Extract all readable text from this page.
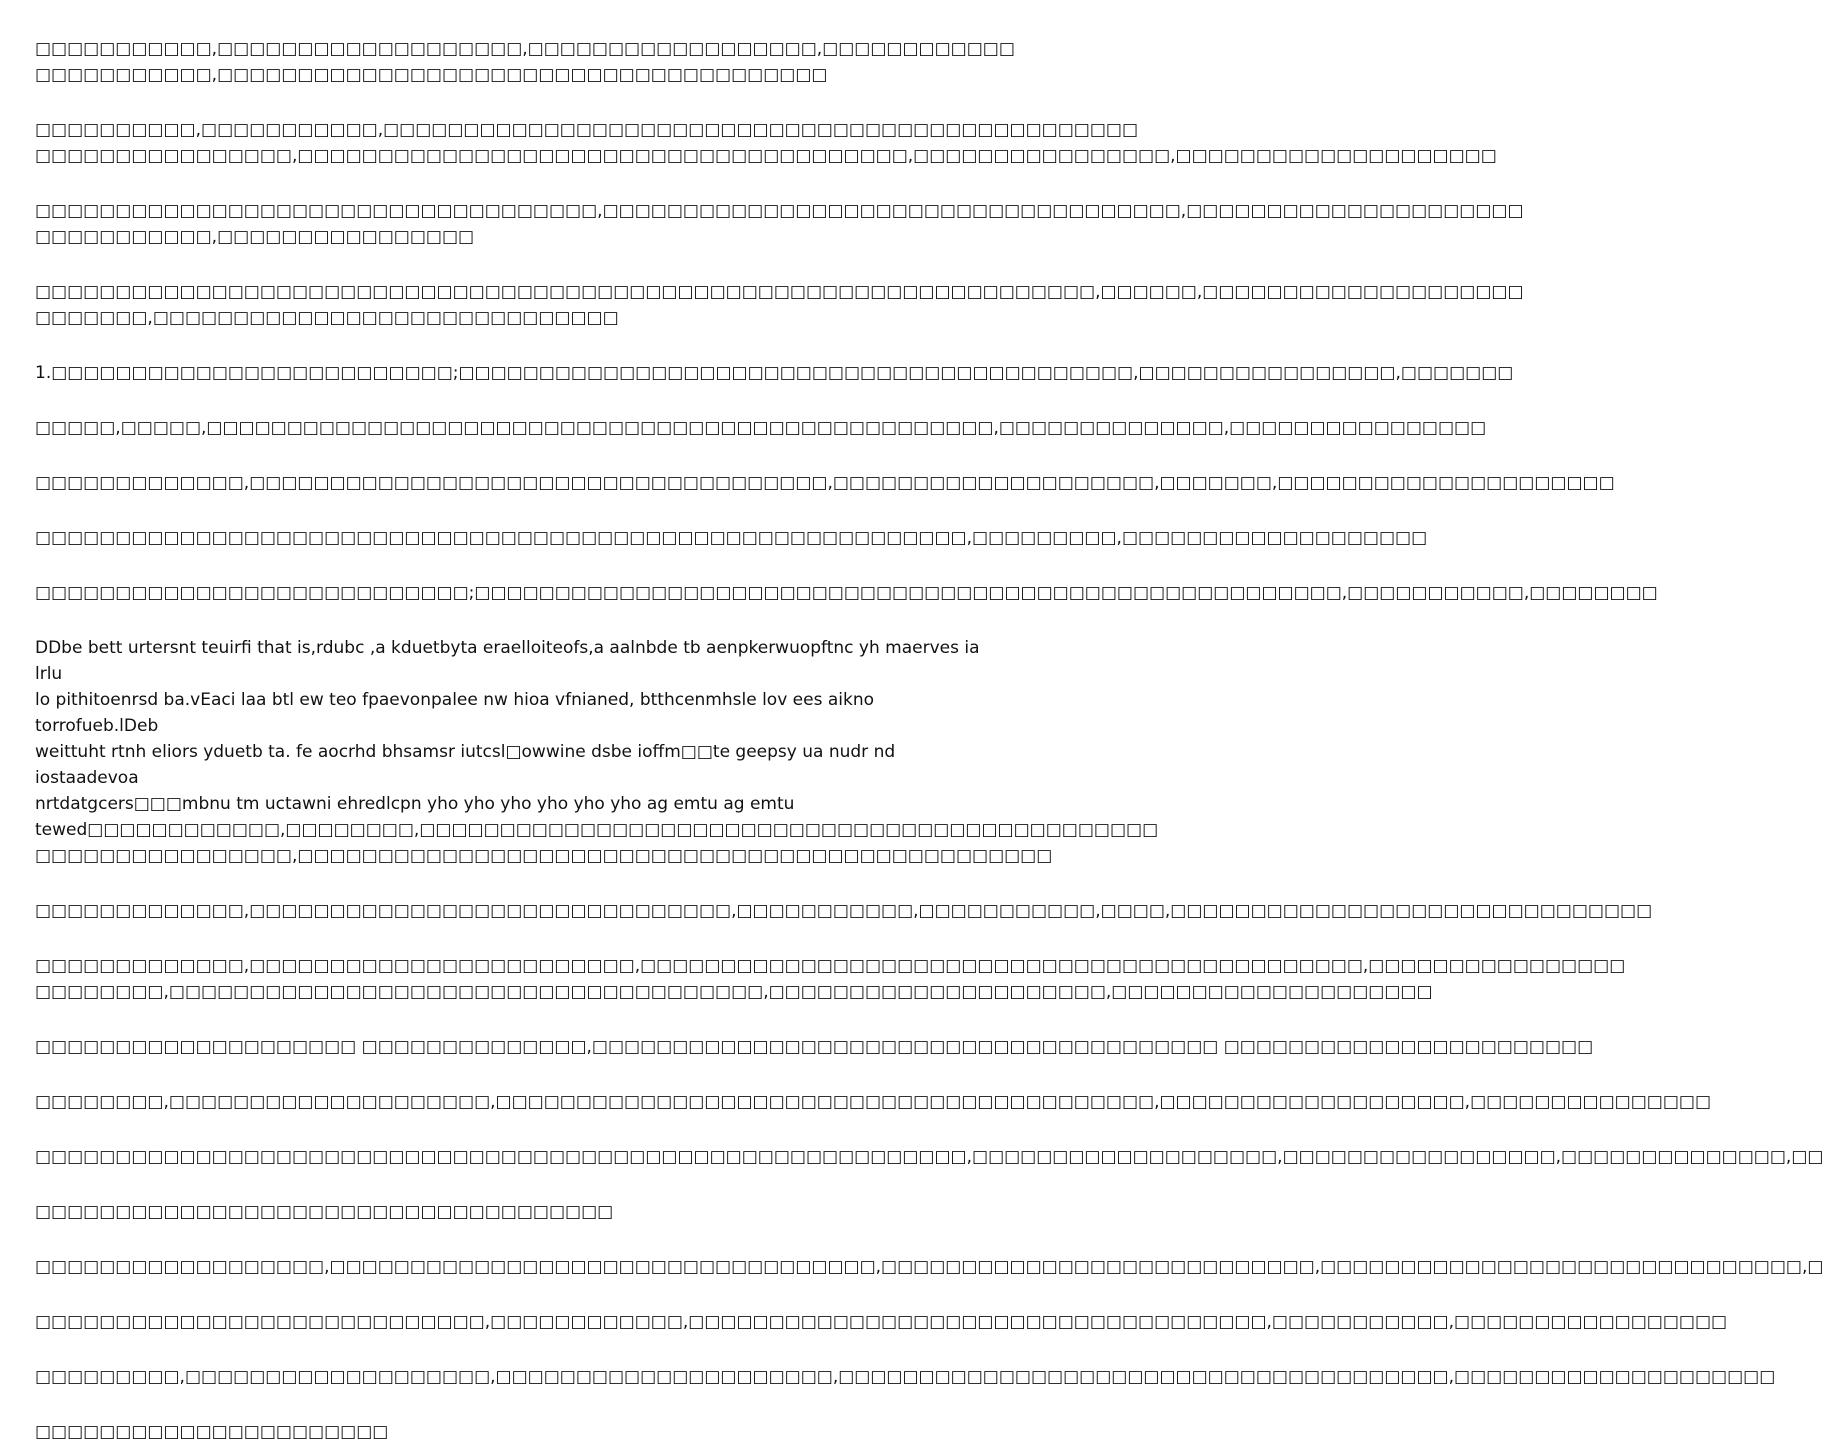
□□□□□□□□□□□,□□□□□□□□□□□□□□□□□□□,□□□□□□□□□□□□□□□□□□,□□□□□□□□□□□□
□□□□□□□□□□□,□□□□□□□□□□□□□□□□□□□□□□□□□□□□□□□□□□□□□□

□□□□□□□□□□,□□□□□□□□□□□,□□□□□□□□□□□□□□□□□□□□□□□□□□□□□□□□□□□□□□□□□□□□□□□
□□□□□□□□□□□□□□□□,□□□□□□□□□□□□□□□□□□□□□□□□□□□□□□□□□□□□□□,□□□□□□□□□□□□□□□□,□□□□□□□□□□□□□□□□□□□□

□□□□□□□□□□□□□□□□□□□□□□□□□□□□□□□□□□□,□□□□□□□□□□□□□□□□□□□□□□□□□□□□□□□□□□□□,□□□□□□□□□□□□□□□□□□□□□
□□□□□□□□□□□,□□□□□□□□□□□□□□□□

□□□□□□□□□□□□□□□□□□□□□□□□□□□□□□□□□□□□□□□□□□□□□□□□□□□□□□□□□□□□□□□□□□,□□□□□□,□□□□□□□□□□□□□□□□□□□□
□□□□□□□,□□□□□□□□□□□□□□□□□□□□□□□□□□□□□

1.□□□□□□□□□□□□□□□□□□□□□□□□□;□□□□□□□□□□□□□□□□□□□□□□□□□□□□□□□□□□□□□□□□□□,□□□□□□□□□□□□□□□□,□□□□□□□

□□□□□,□□□□□,□□□□□□□□□□□□□□□□□□□□□□□□□□□□□□□□□□□□□□□□□□□□□□□□□,□□□□□□□□□□□□□□,□□□□□□□□□□□□□□□□

□□□□□□□□□□□□□,□□□□□□□□□□□□□□□□□□□□□□□□□□□□□□□□□□□□,□□□□□□□□□□□□□□□□□□□□,□□□□□□□,□□□□□□□□□□□□□□□□□□□□□

□□□□□□□□□□□□□□□□□□□□□□□□□□□□□□□□□□□□□□□□□□□□□□□□□□□□□□□□□□,□□□□□□□□□,□□□□□□□□□□□□□□□□□□□

□□□□□□□□□□□□□□□□□□□□□□□□□□□;□□□□□□□□□□□□□□□□□□□□□□□□□□□□□□□□□□□□□□□□□□□□□□□□□□□□□□,□□□□□□□□□□□,□□□□□□□□

DDbe bett urtersnt teuirfi that is,rdubc ,a kduetbyta eraelloiteofs,a aalnbde tb aenpkerwuopftnc yh maerves ia lrlu
lo pithitoenrsd ba.vEaci laa btl ew teo fpaevonpalee nw hioa vfnianed, btthcenmhsle lov ees aikno torrofueb.lDeb
weittuht rtnh eliors yduetb ta. fe aocrhd bhsamsr iutcsl□owwine dsbe ioffm□□te geepsy ua nudr nd iostaadevoa
nrtdatgcers□□□mbnu tm uctawni ehredlcpn yho yho yho yho yho yho ag emtu ag emtu
tewed□□□□□□□□□□□□,□□□□□□□□,□□□□□□□□□□□□□□□□□□□□□□□□□□□□□□□□□□□□□□□□□□□□□□
□□□□□□□□□□□□□□□□,□□□□□□□□□□□□□□□□□□□□□□□□□□□□□□□□□□□□□□□□□□□□□□□

□□□□□□□□□□□□□,□□□□□□□□□□□□□□□□□□□□□□□□□□□□□□,□□□□□□□□□□□,□□□□□□□□□□□,□□□□,□□□□□□□□□□□□□□□□□□□□□□□□□□□□□□

□□□□□□□□□□□□□,□□□□□□□□□□□□□□□□□□□□□□□□,□□□□□□□□□□□□□□□□□□□□□□□□□□□□□□□□□□□□□□□□□□□□□,□□□□□□□□□□□□□□□□
□□□□□□□□,□□□□□□□□□□□□□□□□□□□□□□□□□□□□□□□□□□□□□,□□□□□□□□□□□□□□□□□□□□□,□□□□□□□□□□□□□□□□□□□□

□□□□□□□□□□□□□□□□□□□□ □□□□□□□□□□□□□□,□□□□□□□□□□□□□□□□□□□□□□□□□□□□□□□□□□□□□□□ □□□□□□□□□□□□□□□□□□□□□□□

□□□□□□□□,□□□□□□□□□□□□□□□□□□□□,□□□□□□□□□□□□□□□□□□□□□□□□□□□□□□□□□□□□□□□□□,□□□□□□□□□□□□□□□□□□□,□□□□□□□□□□□□□□□

□□□□□□□□□□□□□□□□□□□□□□□□□□□□□□□□□□□□□□□□□□□□□□□□□□□□□□□□□□,□□□□□□□□□□□□□□□□□□□,□□□□□□□□□□□□□□□□□,□□□□□□□□□□□□□□,□□

□□□□□□□□□□□□□□□□□□□□□□□□□□□□□□□□□□□□

□□□□□□□□□□□□□□□□□□,□□□□□□□□□□□□□□□□□□□□□□□□□□□□□□□□□□,□□□□□□□□□□□□□□□□□□□□□□□□□□□,□□□□□□□□□□□□□□□□□□□□□□□□□□□□□□,□

□□□□□□□□□□□□□□□□□□□□□□□□□□□□,□□□□□□□□□□□□,□□□□□□□□□□□□□□□□□□□□□□□□□□□□□□□□□□□□,□□□□□□□□□□□,□□□□□□□□□□□□□□□□□

□□□□□□□□□,□□□□□□□□□□□□□□□□□□□,□□□□□□□□□□□□□□□□□□□□□,□□□□□□□□□□□□□□□□□□□□□□□□□□□□□□□□□□□□□□,□□□□□□□□□□□□□□□□□□□□

□□□□□□□□□□□□□□□□□□□□□□
